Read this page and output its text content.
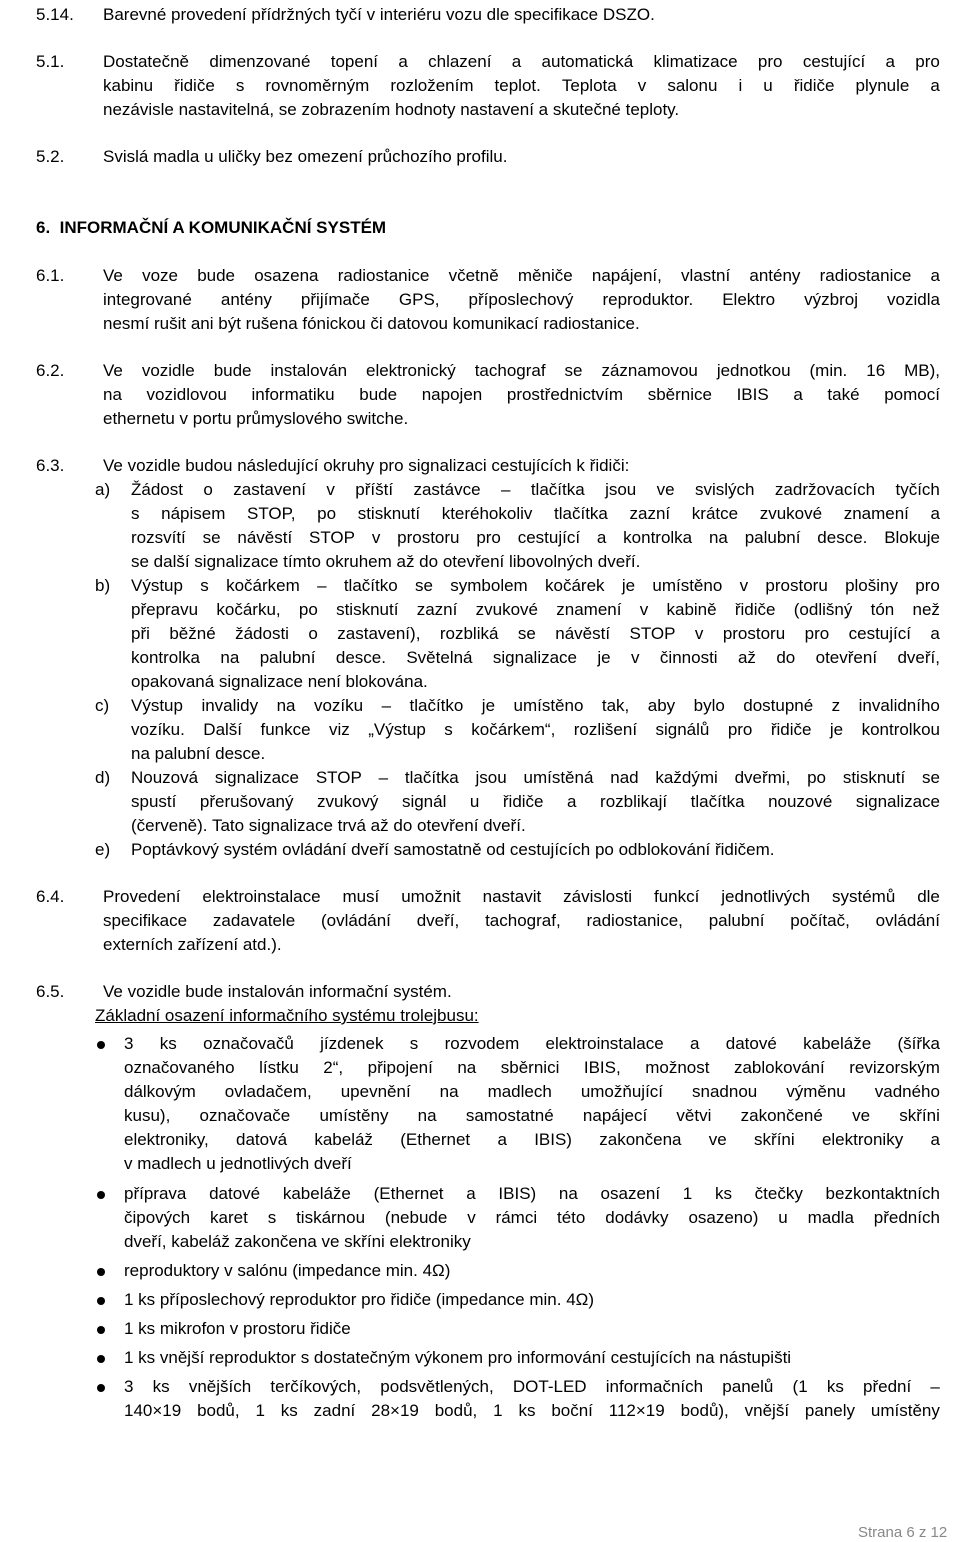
5.14. Barevné provedení přídržných tyčí v interiéru vozu dle specifikace DSZO.
5.1. Dostatečně dimenzované topení a chlazení a automatická klimatizace pro cestující a pro
kabinu řidiče s rovnoměrným rozložením teplot. Teplota v salonu i u řidiče plynule a
nezávisle nastavitelná, se zobrazením hodnoty nastavení a skutečné teploty.
5.2. Svislá madla u uličky bez omezení průchozího profilu.
6.  INFORMAČNÍ A KOMUNIKAČNÍ SYSTÉM
6.1. Ve voze bude osazena radiostanice včetně měniče napájení, vlastní antény radiostanice a
integrované antény přijímače GPS, příposlechový reproduktor. Elektro výzbroj vozidla
nesmí rušit ani být rušena fónickou či datovou komunikací radiostanice.
6.2. Ve vozidle bude instalován elektronický tachograf se záznamovou jednotkou (min. 16 MB),
na vozidlovou informatiku bude napojen prostřednictvím sběrnice IBIS a také pomocí
ethernetu v portu průmyslového switche.
6.3. Ve vozidle budou následující okruhy pro signalizaci cestujících k řidiči:
a) Žádost o zastavení v příští zastávce – tlačítka jsou ve svislých zadržovacích tyčích
s nápisem STOP, po stisknutí kteréhokoliv tlačítka zazní krátce zvukové znamení a
rozsvítí se návěstí STOP v prostoru pro cestující a kontrolka na palubní desce. Blokuje
se další signalizace tímto okruhem až do otevření libovolných dveří.
b) Výstup s kočárkem – tlačítko se symbolem kočárek je umístěno v prostoru plošiny pro
přepravu kočárku, po stisknutí zazní zvukové znamení v kabině řidiče (odlišný tón než
při běžné žádosti o zastavení), rozbliká se návěstí STOP v prostoru pro cestující a
kontrolka na palubní desce. Světelná signalizace je v činnosti až do otevření dveří,
opakovaná signalizace není blokována.
c) Výstup invalidy na vozíku – tlačítko je umístěno tak, aby bylo dostupné z invalidního
vozíku. Další funkce viz „Výstup s kočárkem“, rozlišení signálů pro řidiče je kontrolkou
na palubní desce.
d) Nouzová signalizace STOP – tlačítka jsou umístěná nad každými dveřmi, po stisknutí se
spustí přerušovaný zvukový signál u řidiče a rozblikají tlačítka nouzové signalizace
(červeně). Tato signalizace trvá až do otevření dveří.
e) Poptávkový systém ovládání dveří samostatně od cestujících po odblokování řidičem.
6.4. Provedení elektroinstalace musí umožnit nastavit závislosti funkcí jednotlivých systémů dle
specifikace zadavatele (ovládání dveří, tachograf, radiostanice, palubní počítač, ovládání
externích zařízení atd.).
6.5. Ve vozidle bude instalován informační systém.
Základní osazení informačního systému trolejbusu:
3 ks označovačů jízdenek s rozvodem elektroinstalace a datové kabeláže (šířka
označovaného lístku 2“, připojení na sběrnici IBIS, možnost zablokování revizorským
dálkovým ovladačem, upevnění na madlech umožňující snadnou výměnu vadného
kusu), označovače umístěny na samostatné napájecí větvi zakončené ve skříni
elektroniky, datová kabeláž (Ethernet a IBIS) zakončena ve skříni elektroniky a
v madlech u jednotlivých dveří
příprava datové kabeláže (Ethernet a IBIS) na osazení 1 ks čtečky bezkontaktních
čipových karet s tiskárnou (nebude v rámci této dodávky osazeno) u madla předních
dveří, kabeláž zakončena ve skříni elektroniky
reproduktory v salónu (impedance min. 4Ω)
1 ks příposlechový reproduktor pro řidiče (impedance min. 4Ω)
1 ks mikrofon v prostoru řidiče
1 ks vnější reproduktor s dostatečným výkonem pro informování cestujících na nástupišti
3 ks vnějších terčíkových, podsvětlených, DOT-LED informačních panelů (1 ks přední –
140×19 bodů, 1 ks zadní 28×19 bodů, 1 ks boční 112×19 bodů), vnější panely umístěny
Strana 6 z 12
